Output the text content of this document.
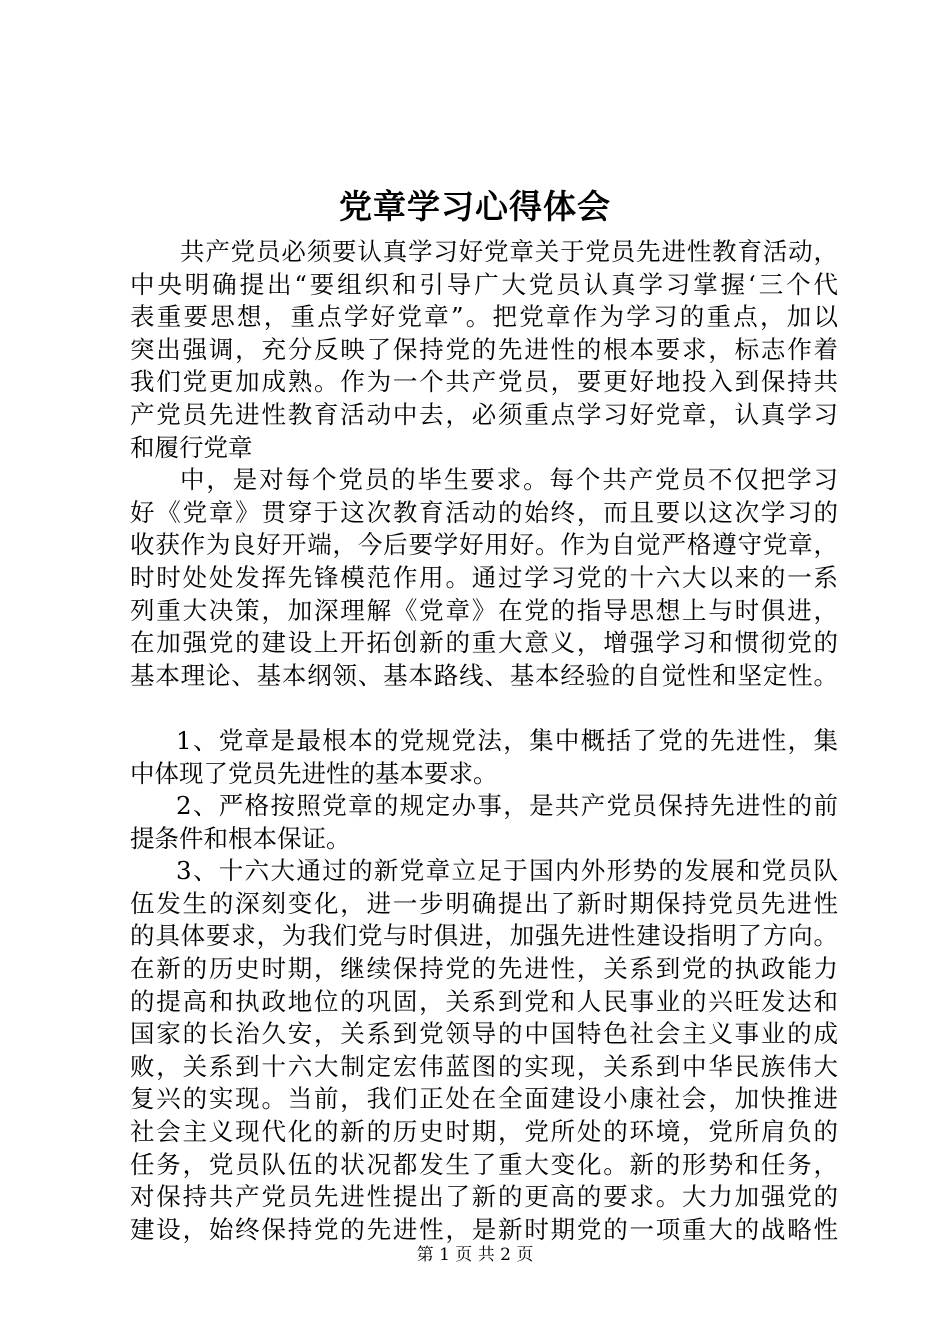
党章学习心得体会
共产党员必须要认真学习好党章关于党员先进性教育活动，
中央明确提出“要组织和引导广大党员认真学习掌握‘三个代
表重要思想，重点学好党章”。把党章作为学习的重点，加以
突出强调，充分反映了保持党的先进性的根本要求，标志作着
我们党更加成熟。作为一个共产党员，要更好地投入到保持共
产党员先进性教育活动中去，必须重点学习好党章，认真学习
和履行党章
中，是对每个党员的毕生要求。每个共产党员不仅把学习
好《党章》贯穿于这次教育活动的始终，而且要以这次学习的
收获作为良好开端，今后要学好用好。作为自觉严格遵守党章，
时时处处发挥先锋模范作用。通过学习党的十六大以来的一系
列重大决策，加深理解《党章》在党的指导思想上与时俱进，
在加强党的建设上开拓创新的重大意义，增强学习和惯彻党的
基本理论、基本纲领、基本路线、基本经验的自觉性和坚定性。
1、党章是最根本的党规党法，集中概括了党的先进性，集
中体现了党员先进性的基本要求。
2、严格按照党章的规定办事，是共产党员保持先进性的前
提条件和根本保证。
3、十六大通过的新党章立足于国内外形势的发展和党员队
伍发生的深刻变化，进一步明确提出了新时期保持党员先进性
的具体要求，为我们党与时俱进，加强先进性建设指明了方向。
在新的历史时期，继续保持党的先进性，关系到党的执政能力
的提高和执政地位的巩固，关系到党和人民事业的兴旺发达和
国家的长治久安，关系到党领导的中国特色社会主义事业的成
败，关系到十六大制定宏伟蓝图的实现，关系到中华民族伟大
复兴的实现。当前，我们正处在全面建设小康社会，加快推进
社会主义现代化的新的历史时期，党所处的环境，党所肩负的
任务，党员队伍的状况都发生了重大变化。新的形势和任务，
对保持共产党员先进性提出了新的更高的要求。大力加强党的
建设，始终保持党的先进性，是新时期党的一项重大的战略性
第 1 页 共 2 页
